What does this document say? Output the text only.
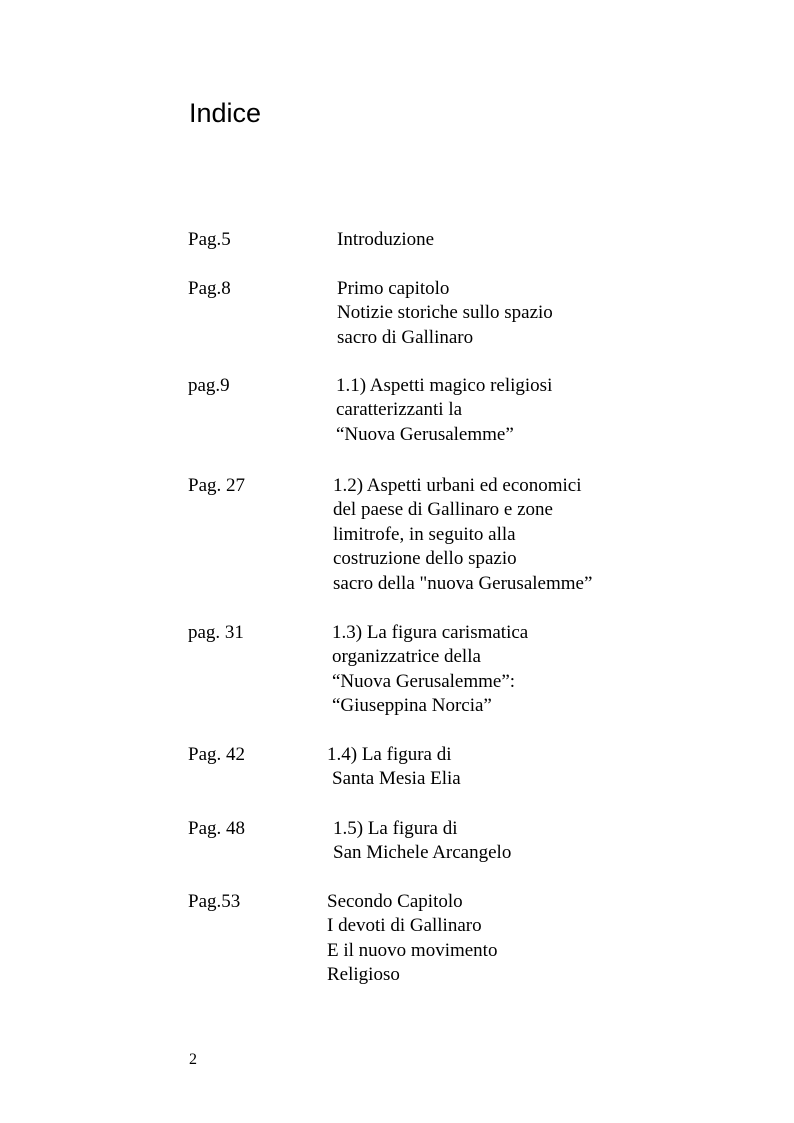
Indice
Pag.5	Introduzione
Pag.8	Primo capitolo
Notizie storiche sullo spazio
sacro di Gallinaro
pag.9	1.1) Aspetti magico religiosi
caratterizzanti la
“Nuova Gerusalemme”
Pag. 27	1.2) Aspetti urbani ed economici
del paese di Gallinaro e zone
limitrofe, in seguito alla
costruzione dello spazio
sacro della "nuova Gerusalemme”
pag. 31	1.3) La figura carismatica
organizzatrice della
“Nuova Gerusalemme”:
“Giuseppina Norcia”
Pag. 42	1.4) La figura di
Santa Mesia Elia
Pag. 48	1.5) La figura di
San Michele Arcangelo
Pag.53	Secondo Capitolo
I devoti di Gallinaro
E il nuovo movimento
Religioso
2
